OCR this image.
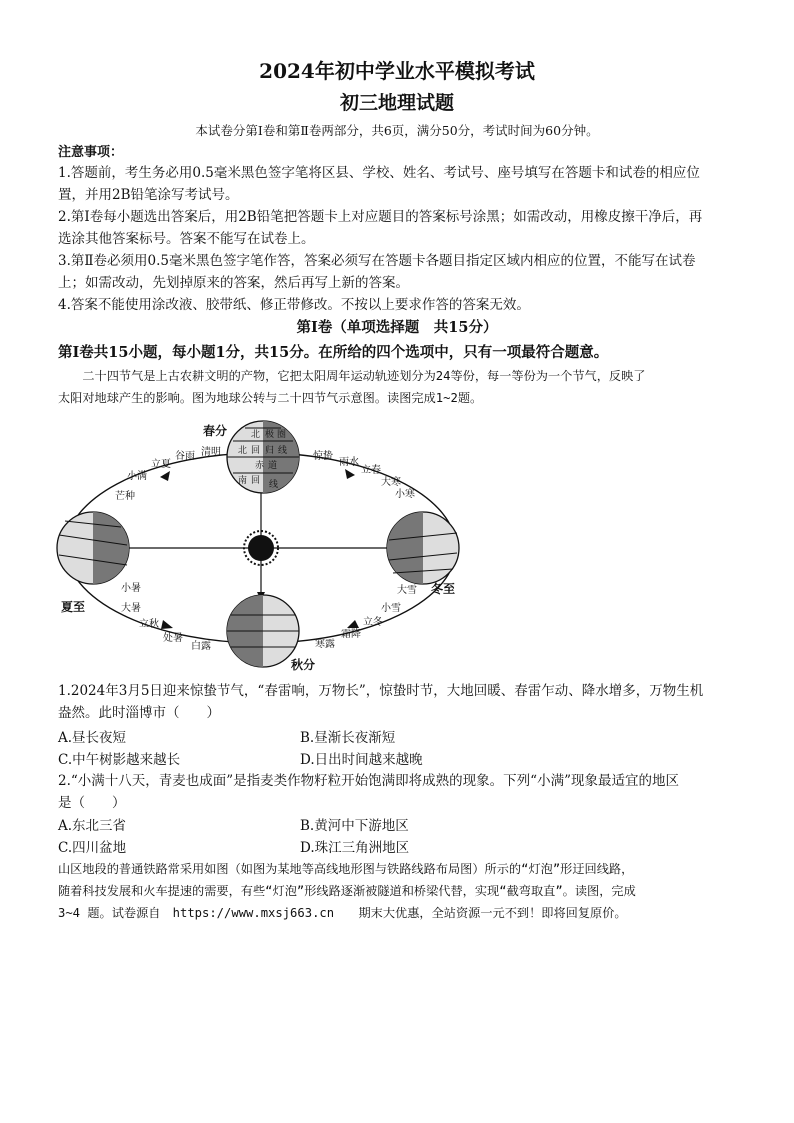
2024年初中学业水平模拟考试
初三地理试题
本试卷分第Ⅰ卷和第Ⅱ卷两部分，共6页，满分50分，考试时间为60分钟。
注意事项：
1.答题前，考生务必用0.5毫米黑色签字笔将区县、学校、姓名、考试号、座号填写在答题卡和试卷的相应位
置，并用2B铅笔涂写考试号。
2.第Ⅰ卷每小题选出答案后，用2B铅笔把答题卡上对应题目的答案标号涂黑；如需改动，用橡皮擦干净后，再
选涂其他答案标号。答案不能写在试卷上。
3.第Ⅱ卷必须用0.5毫米黑色签字笔作答，答案必须写在答题卡各题目指定区域内相应的位置，不能写在试卷
上；如需改动，先划掉原来的答案，然后再写上新的答案。
4.答案不能使用涂改液、胶带纸、修正带修改。不按以上要求作答的答案无效。
第Ⅰ卷（单项选择题　共15分）
第Ⅰ卷共15小题，每小题1分，共15分。在所给的四个选项中，只有一项最符合题意。
　　二十四节气是上古农耕文明的产物，它把太阳周年运动轨迹划分为24等份，每一等份为一个节气，反映了
太阳对地球产生的影响。图为地球公转与二十四节气示意图。读图完成1~2题。
北 极 圈
北 回 归 线
赤 道
南 回 线
春分
夏至
冬至
秋分
谷雨 清明
立夏
小满
芒种
惊蛰
雨水
立春
大寒
小寒
小暑
大暑
立秋
处暑
白露
大雪
小雪
立冬
霜降
寒露
1.2024年3月5日迎来惊蛰节气，“春雷响，万物长”，惊蛰时节，大地回暖、春雷乍动、降水增多，万物生机
盎然。此时淄博市（　　）
A.昼长夜短	B.昼渐长夜渐短
C.中午树影越来越长	D.日出时间越来越晚
2.“小满十八天，青麦也成面”是指麦类作物籽粒开始饱满即将成熟的现象。下列“小满”现象最适宜的地区
是（　　）
A.东北三省	B.黄河中下游地区
C.四川盆地	D.珠江三角洲地区
山区地段的普通铁路常采用如图（如图为某地等高线地形图与铁路线路布局图）所示的“灯泡”形迂回线路，
随着科技发展和火车提速的需要，有些“灯泡”形线路逐渐被隧道和桥梁代替，实现“截弯取直”。读图，完成
3~4 题。试卷源自　https://www.mxsj663.cn　　期末大优惠，全站资源一元不到！即将回复原价。
